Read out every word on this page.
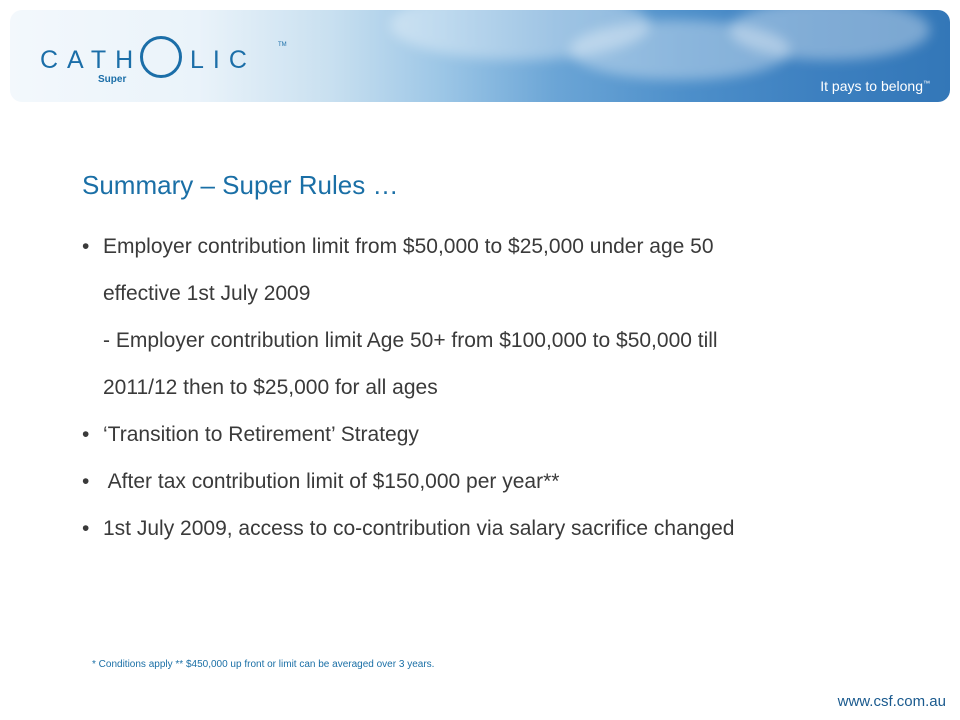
CATH LIC
Super
TM
It pays to belong™
Summary – Super Rules …
• Employer contribution limit from $50,000 to $25,000 under age 50
effective 1st July 2009
- Employer contribution limit Age 50+ from $100,000 to $50,000 till
2011/12 then to $25,000 for all ages
• ‘Transition to Retirement’ Strategy
• After tax contribution limit of $150,000 per year**
• 1st July 2009, access to co-contribution via salary sacrifice changed
* Conditions apply ** $450,000 up front or limit can be averaged over 3 years.
www.csf.com.au
